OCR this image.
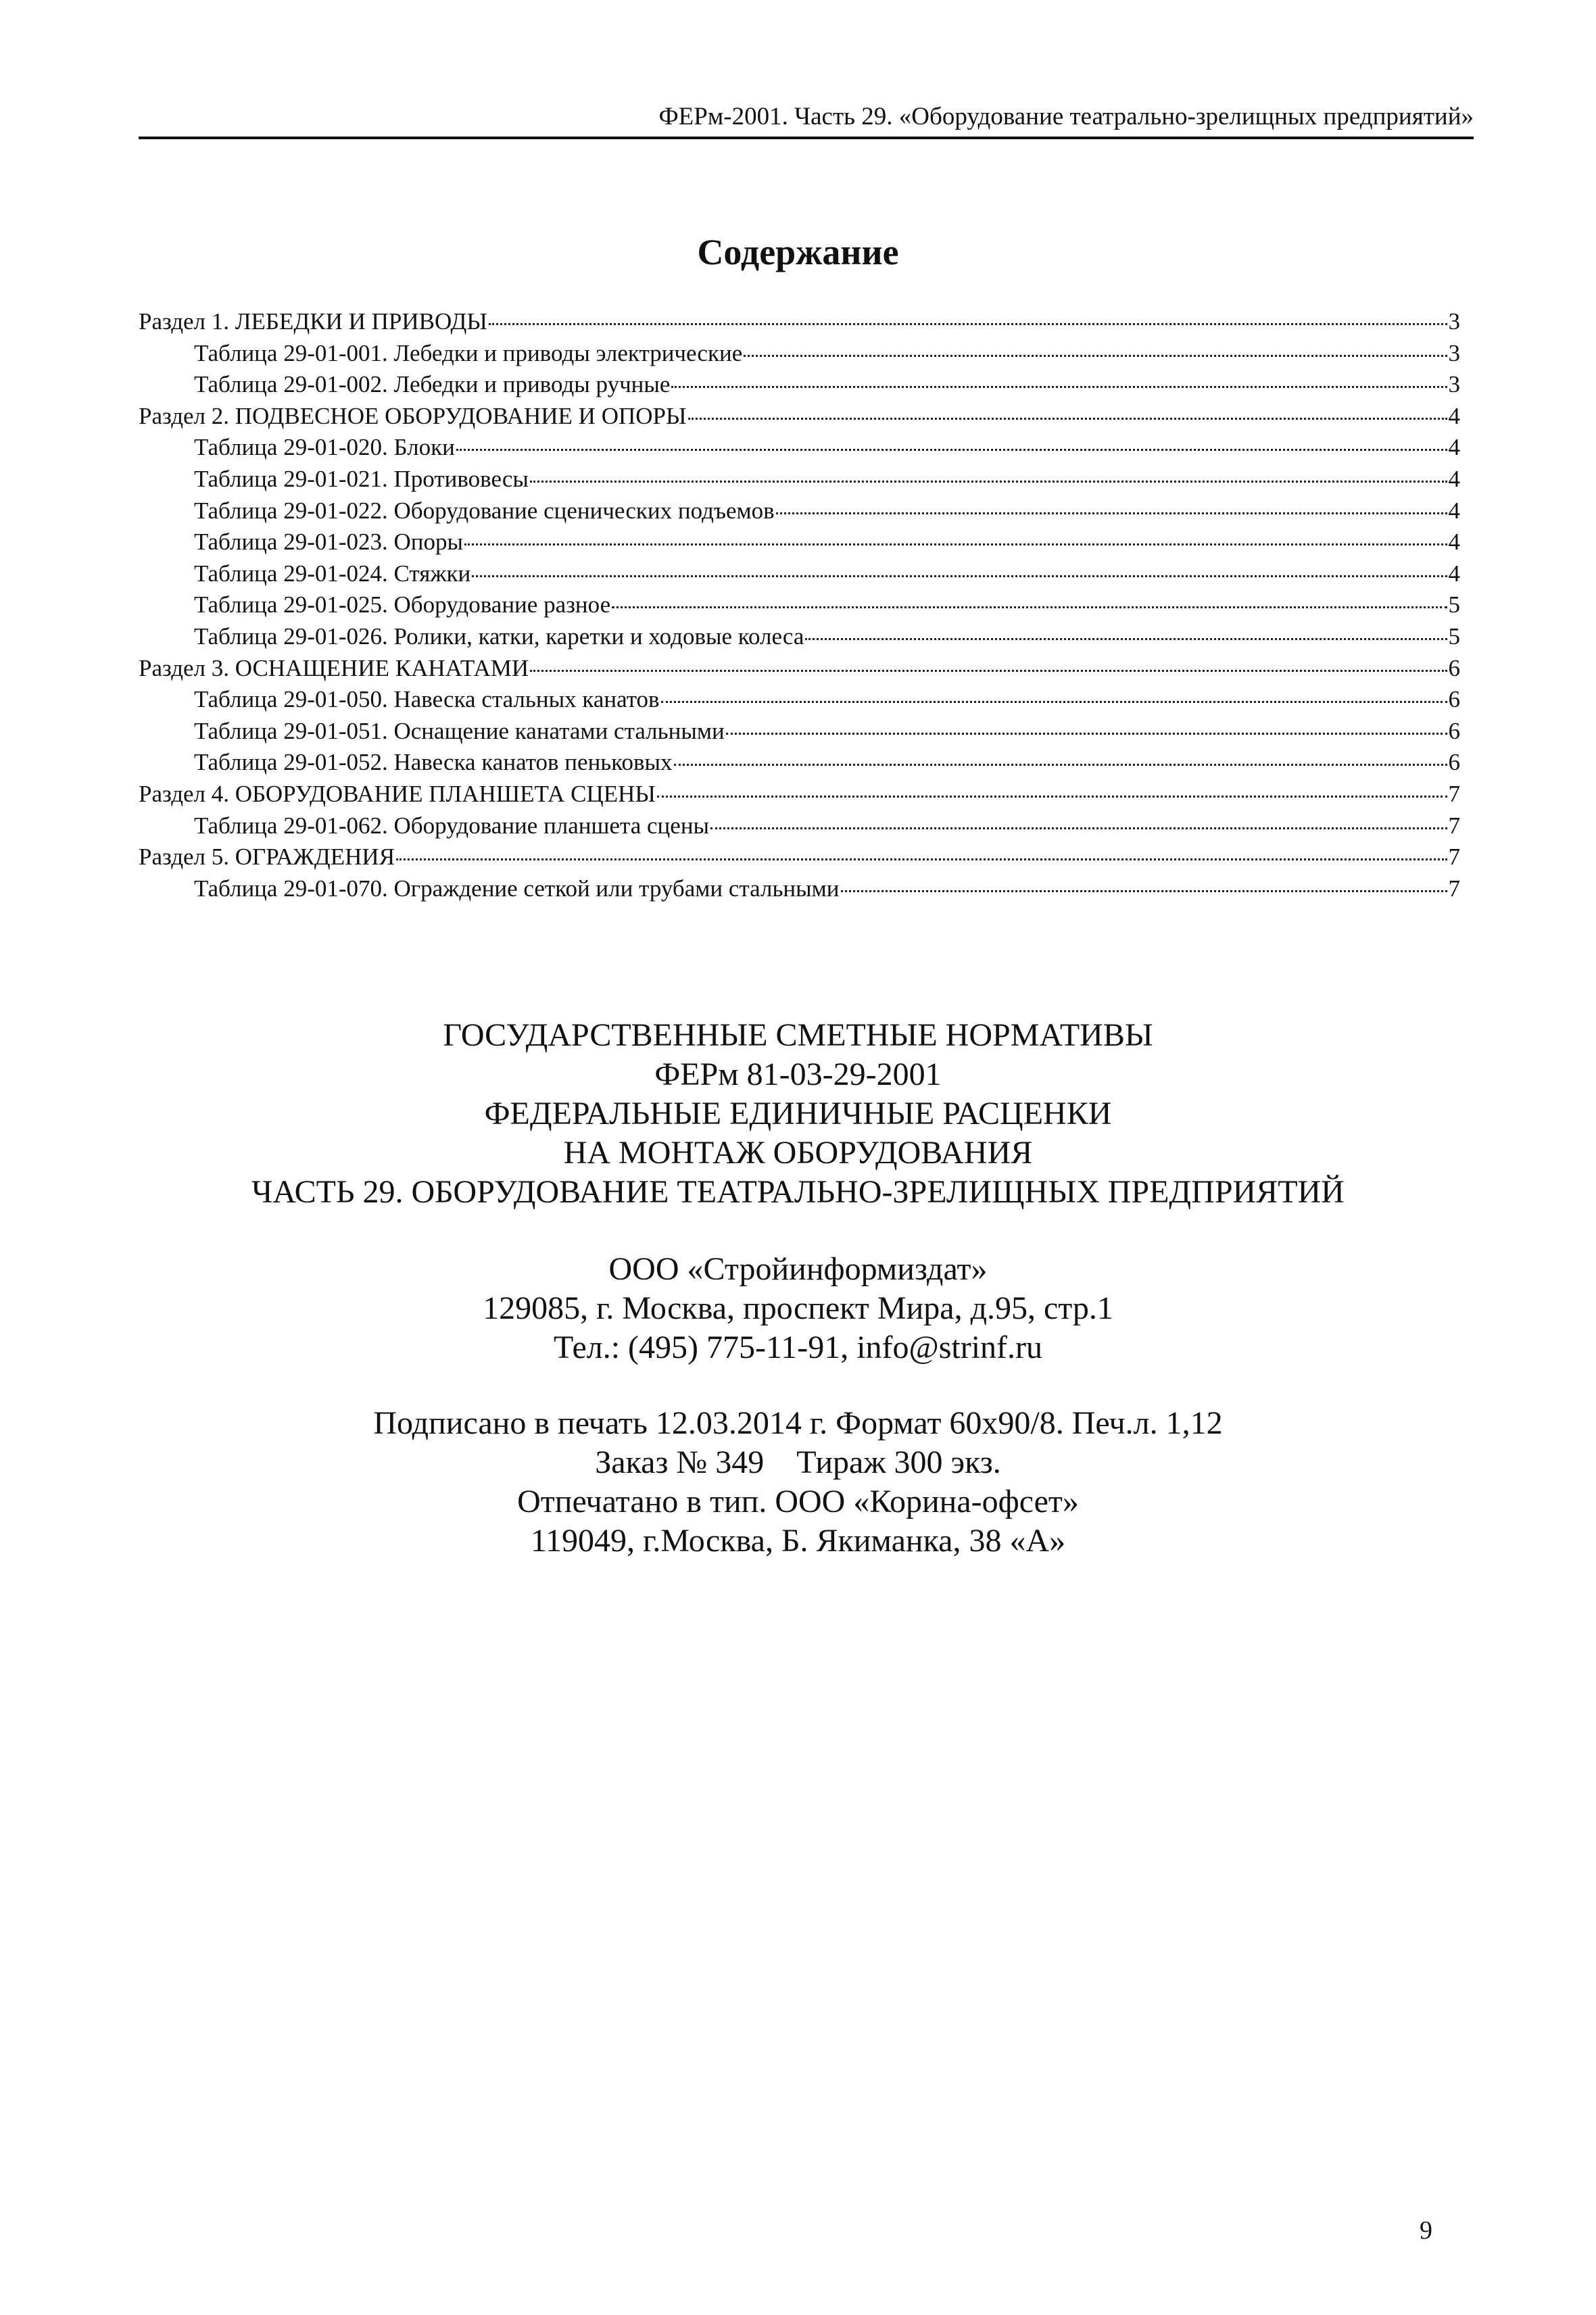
ФЕРм-2001. Часть 29. «Оборудование театрально-зрелищных предприятий»
Содержание
Раздел 1. ЛЕБЕДКИ И ПРИВОДЫ	3
Таблица 29-01-001. Лебедки и приводы электрические	3
Таблица 29-01-002. Лебедки и приводы ручные	3
Раздел 2. ПОДВЕСНОЕ ОБОРУДОВАНИЕ И ОПОРЫ	4
Таблица 29-01-020. Блоки	4
Таблица 29-01-021. Противовесы	4
Таблица 29-01-022. Оборудование сценических подъемов	4
Таблица 29-01-023. Опоры	4
Таблица 29-01-024. Стяжки	4
Таблица 29-01-025. Оборудование разное	5
Таблица 29-01-026. Ролики, катки, каретки и ходовые колеса	5
Раздел 3. ОСНАЩЕНИЕ КАНАТАМИ	6
Таблица 29-01-050. Навеска стальных канатов	6
Таблица 29-01-051. Оснащение канатами стальными	6
Таблица 29-01-052. Навеска канатов пеньковых	6
Раздел 4. ОБОРУДОВАНИЕ ПЛАНШЕТА СЦЕНЫ	7
Таблица 29-01-062. Оборудование планшета сцены	7
Раздел 5. ОГРАЖДЕНИЯ	7
Таблица 29-01-070. Ограждение сеткой или трубами стальными	7
ГОСУДАРСТВЕННЫЕ СМЕТНЫЕ НОРМАТИВЫ
ФЕРм 81-03-29-2001
ФЕДЕРАЛЬНЫЕ ЕДИНИЧНЫЕ РАСЦЕНКИ
НА МОНТАЖ ОБОРУДОВАНИЯ
ЧАСТЬ 29. ОБОРУДОВАНИЕ ТЕАТРАЛЬНО-ЗРЕЛИЩНЫХ ПРЕДПРИЯТИЙ
ООО «Стройинформиздат»
129085, г. Москва, проспект Мира, д.95, стр.1
Тел.: (495) 775-11-91, info@strinf.ru
Подписано в печать 12.03.2014 г. Формат 60х90/8. Печ.л. 1,12
Заказ № 349    Тираж 300 экз.
Отпечатано в тип. ООО «Корина-офсет»
119049, г.Москва, Б. Якиманка, 38 «А»
9
